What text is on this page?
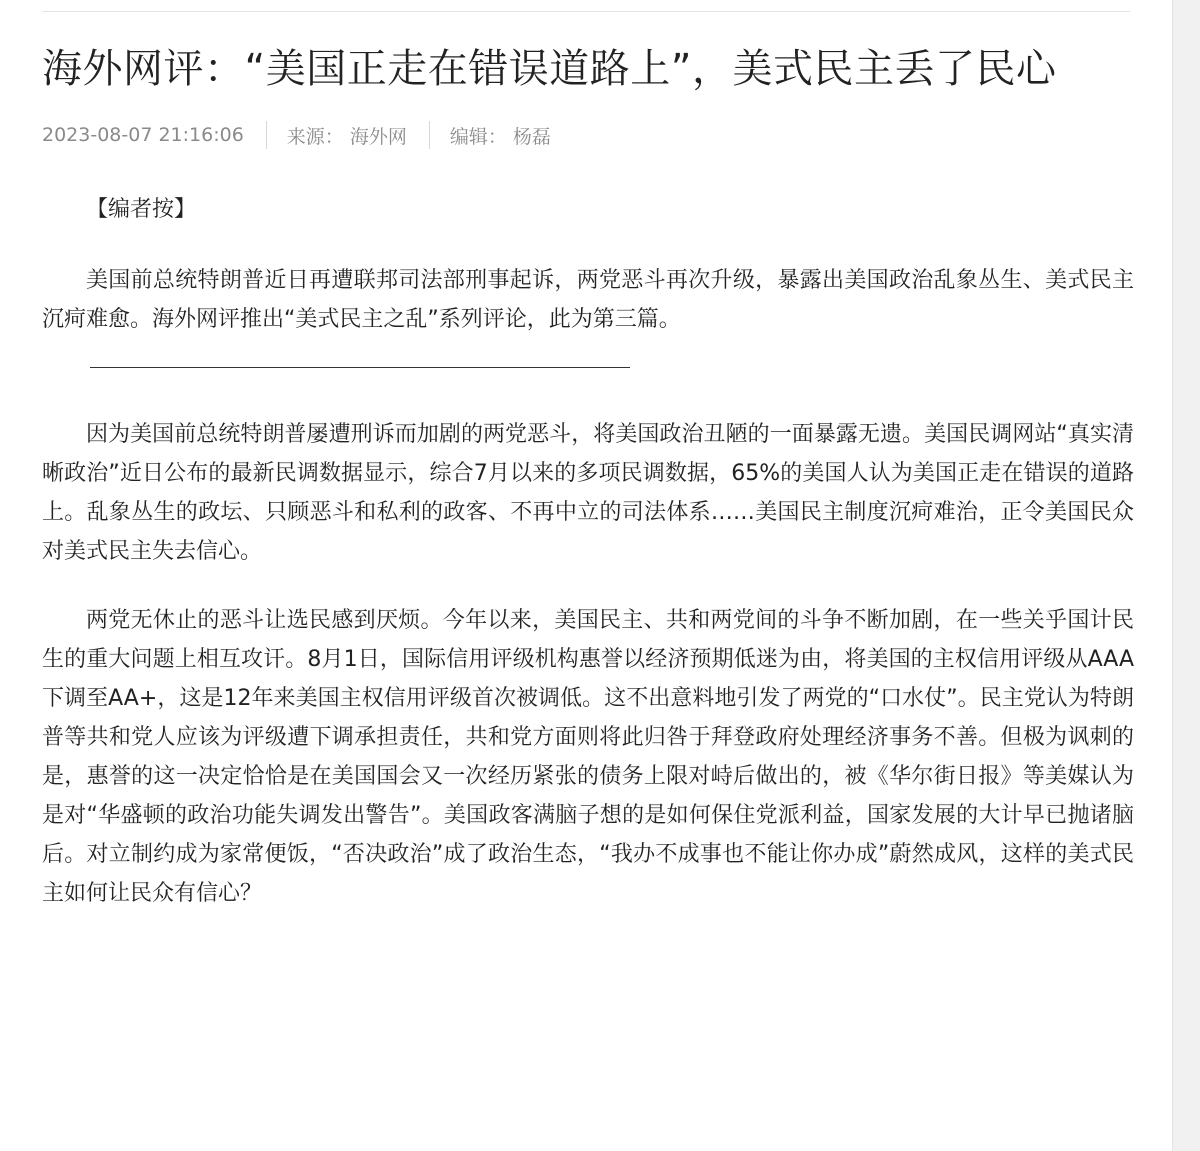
海外网评：“美国正走在错误道路上”，美式民主丢了民心
2023-08-07 21:16:06 来源： 海外网 编辑： 杨磊

【编者按】

美国前总统特朗普近日再遭联邦司法部刑事起诉，两党恶斗再次升级，暴露出美国政治乱象丛生、美式民主沉疴难愈。海外网评推出“美式民主之乱”系列评论，此为第三篇。

因为美国前总统特朗普屡遭刑诉而加剧的两党恶斗，将美国政治丑陋的一面暴露无遗。美国民调网站“真实清晰政治”近日公布的最新民调数据显示，综合7月以来的多项民调数据，65%的美国人认为美国正走在错误的道路上。乱象丛生的政坛、只顾恶斗和私利的政客、不再中立的司法体系……美国民主制度沉疴难治，正令美国民众对美式民主失去信心。

两党无休止的恶斗让选民感到厌烦。今年以来，美国民主、共和两党间的斗争不断加剧，在一些关乎国计民生的重大问题上相互攻讦。8月1日，国际信用评级机构惠誉以经济预期低迷为由，将美国的主权信用评级从AAA下调至AA+，这是12年来美国主权信用评级首次被调低。这不出意料地引发了两党的“口水仗”。民主党认为特朗普等共和党人应该为评级遭下调承担责任，共和党方面则将此归咎于拜登政府处理经济事务不善。但极为讽刺的是，惠誉的这一决定恰恰是在美国国会又一次经历紧张的债务上限对峙后做出的，被《华尔街日报》等美媒认为是对“华盛顿的政治功能失调发出警告”。美国政客满脑子想的是如何保住党派利益，国家发展的大计早已抛诸脑后。对立制约成为家常便饭，“否决政治”成了政治生态，“我办不成事也不能让你办成”蔚然成风，这样的美式民主如何让民众有信心？
